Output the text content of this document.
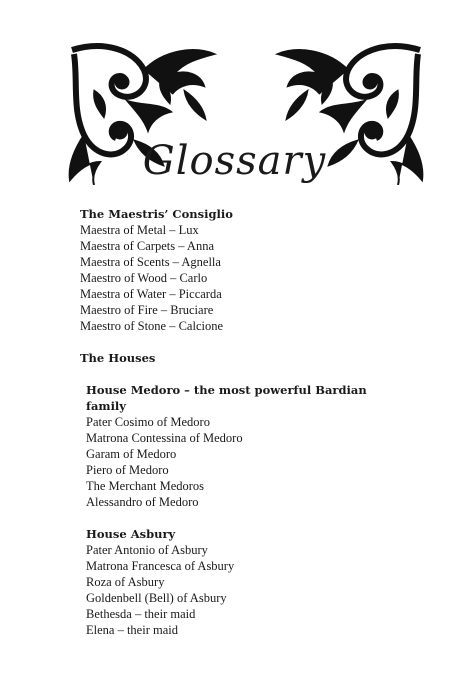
Glossary

The Maestris’ Consiglio

Maestra of Metal – Lux

Maestra of Carpets – Anna

Maestra of Scents – Agnella

Maestro of Wood – Carlo

Maestra of Water – Piccarda

Maestro of Fire – Bruciare

Maestro of Stone – Calcione

The Houses

House Medoro – the most powerful Bardian family

Pater Cosimo of Medoro

Matrona Contessina of Medoro

Garam of Medoro

Piero of Medoro

The Merchant Medoros

Alessandro of Medoro

House Asbury

Pater Antonio of Asbury

Matrona Francesca of Asbury

Roza of Asbury

Goldenbell (Bell) of Asbury

Bethesda – their maid

Elena – their maid
